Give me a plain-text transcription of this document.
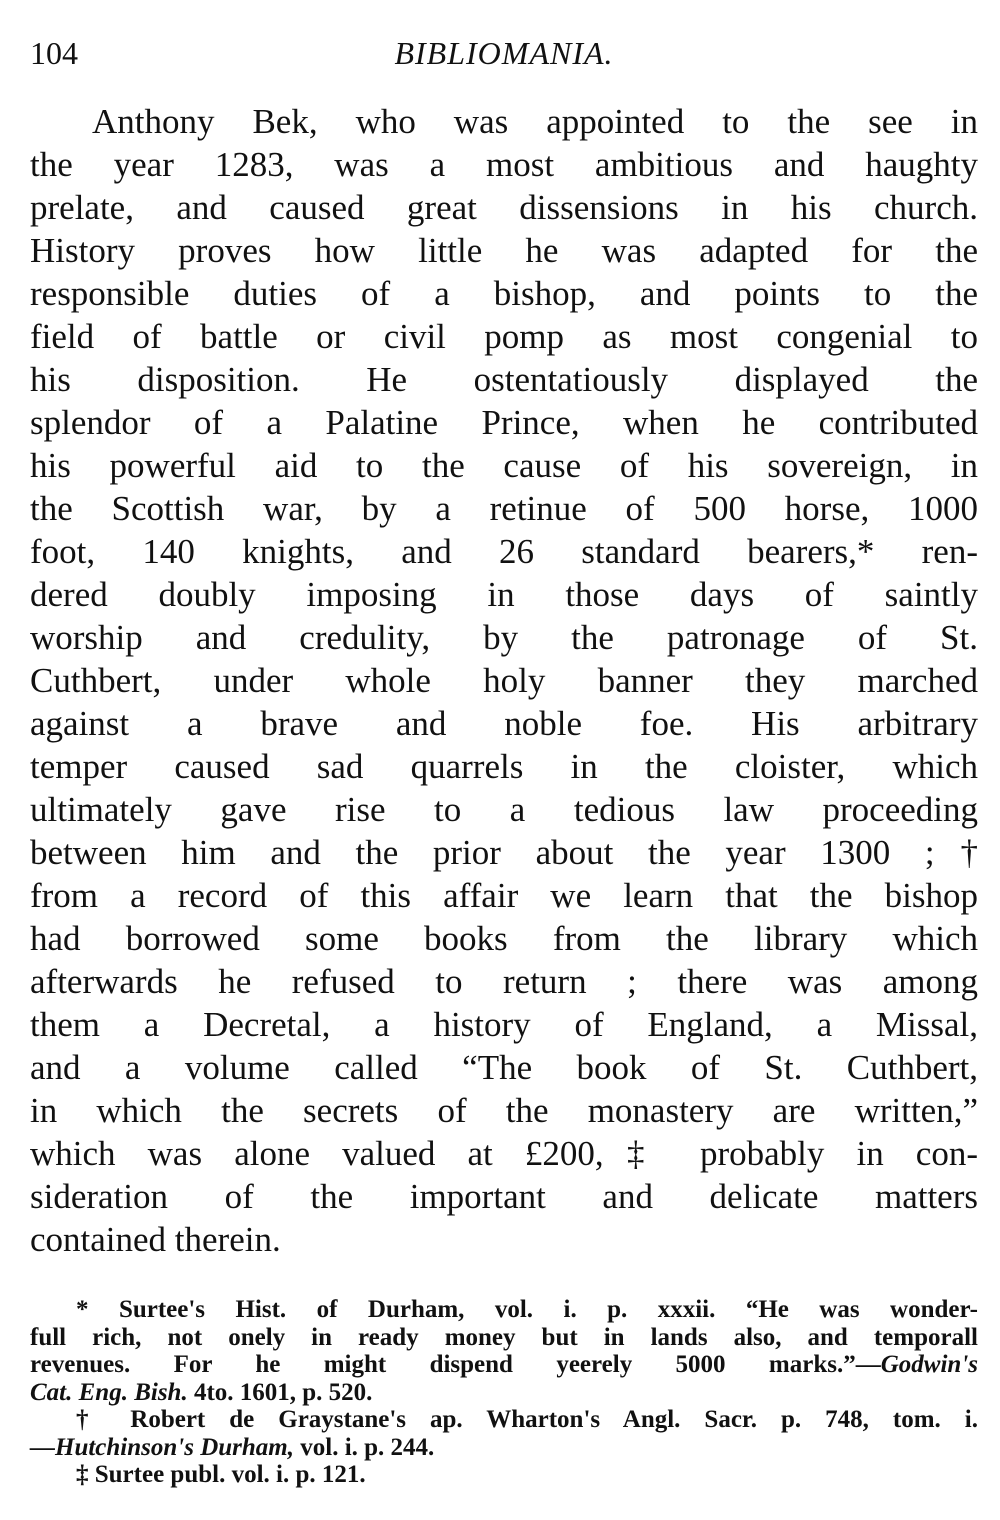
104	BIBLIOMANIA.
Anthony Bek, who was appointed to the see in
the year 1283, was a most ambitious and haughty
prelate, and caused great dissensions in his church.
History proves how little he was adapted for the
responsible duties of a bishop, and points to the
field of battle or civil pomp as most congenial to
his disposition. He ostentatiously displayed the
splendor of a Palatine Prince, when he contributed
his powerful aid to the cause of his sovereign, in
the Scottish war, by a retinue of 500 horse, 1000
foot, 140 knights, and 26 standard bearers,* ren-
dered doubly imposing in those days of saintly
worship and credulity, by the patronage of St.
Cuthbert, under whole holy banner they marched
against a brave and noble foe. His arbitrary
temper caused sad quarrels in the cloister, which
ultimately gave rise to a tedious law proceeding
between him and the prior about the year 1300 ;†
from a record of this affair we learn that the bishop
had borrowed some books from the library which
afterwards he refused to return ; there was among
them a Decretal, a history of England, a Missal,
and a volume called “The book of St. Cuthbert,
in which the secrets of the monastery are written,”
which was alone valued at £200,‡ probably in con-
sideration of the important and delicate matters
contained therein.
* Surtee's Hist. of Durham, vol. i. p. xxxii. “He was wonder-
full rich, not onely in ready money but in lands also, and temporall
revenues. For he might dispend yeerely 5000 marks.”—Godwin's
Cat. Eng. Bish. 4to. 1601, p. 520.
† Robert de Graystane's ap. Wharton's Angl. Sacr. p. 748, tom. i.
—Hutchinson's Durham, vol. i. p. 244.
‡ Surtee publ. vol. i. p. 121.
